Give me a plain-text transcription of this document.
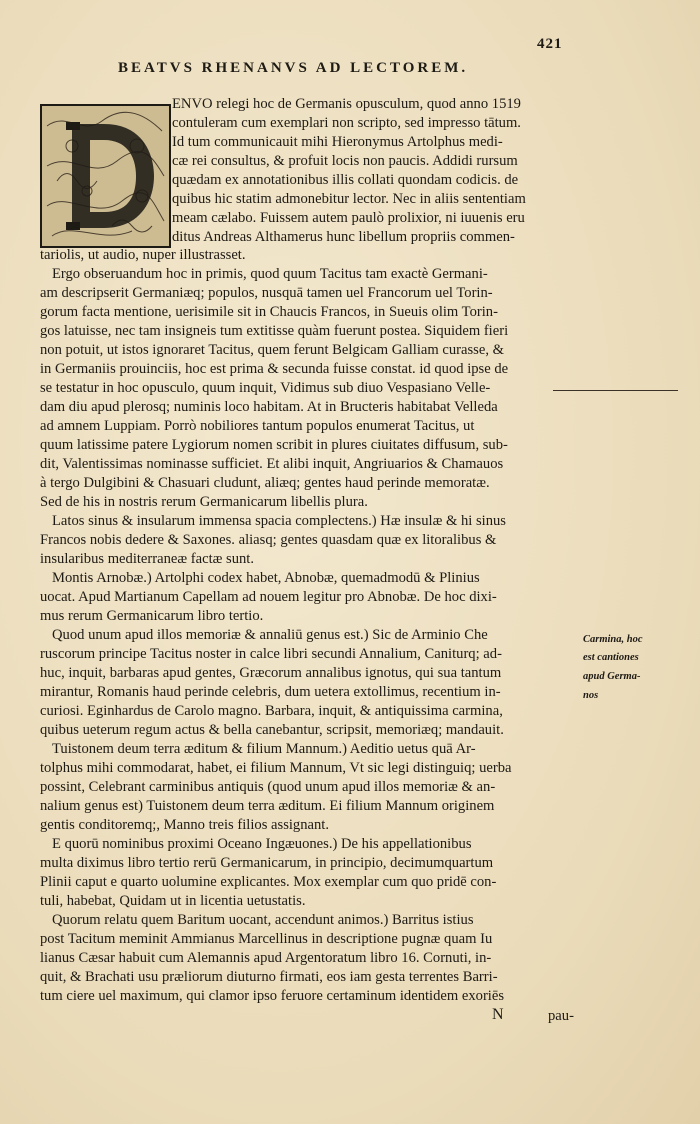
421
BEATVS RHENANVS AD LECTOREM.
ENVO relegi hoc de Germanis opusculum, quod anno 1519
contuleram cum exemplari non scripto, sed impresso tātum.
Id tum communicauit mihi Hieronymus Artolphus medi-
cæ rei consultus, & profuit locis non paucis. Addidi rursum
quædam ex annotationibus illis collati quondam codicis. de
quibus hic statim admonebitur lector. Nec in aliis sententiam
meam cælabo. Fuissem autem paulò prolixior, ni iuuenis eru
ditus Andreas Althamerus hunc libellum propriis commen-
tariolis, ut audio, nuper illustrasset.
Ergo obseruandum hoc in primis, quod quum Tacitus tam exactè Germani-
am descripserit Germaniæq; populos, nusquā tamen uel Francorum uel Torin-
gorum facta mentione, uerisimile sit in Chaucis Francos, in Sueuis olim Torin-
gos latuisse, nec tam insigneis tum extitisse quàm fuerunt postea. Siquidem fieri
non potuit, ut istos ignoraret Tacitus, quem ferunt Belgicam Galliam curasse, &
in Germaniis prouinciis, hoc est prima & secunda fuisse constat. id quod ipse de
se testatur in hoc opusculo, quum inquit, Vidimus sub diuo Vespasiano Velle-
dam diu apud plerosq; numinis loco habitam. At in Bructeris habitabat Velleda
ad amnem Luppiam. Porrò nobiliores tantum populos enumerat Tacitus, ut
quum latissime patere Lygiorum nomen scribit in plures ciuitates diffusum, sub-
dit, Valentissimas nominasse sufficiet. Et alibi inquit, Angriuarios & Chamauos
à tergo Dulgibini & Chasuari cludunt, aliæq; gentes haud perinde memoratæ.
Sed de his in nostris rerum Germanicarum libellis plura.
Latos sinus & insularum immensa spacia complectens.) Hæ insulæ & hi sinus
Francos nobis dedere & Saxones. aliasq; gentes quasdam quæ ex litoralibus &
insularibus mediterraneæ factæ sunt.
Montis Arnobæ.) Artolphi codex habet, Abnobæ, quemadmodū & Plinius
uocat. Apud Martianum Capellam ad nouem legitur pro Abnobæ. De hoc dixi-
mus rerum Germanicarum libro tertio.
Quod unum apud illos memoriæ & annaliū genus est.) Sic de Arminio Che
ruscorum principe Tacitus noster in calce libri secundi Annalium, Caniturq; ad-
huc, inquit, barbaras apud gentes, Græcorum annalibus ignotus, qui sua tantum
mirantur, Romanis haud perinde celebris, dum uetera extollimus, recentium in-
curiosi. Eginhardus de Carolo magno. Barbara, inquit, & antiquissima carmina,
quibus ueterum regum actus & bella canebantur, scripsit, memoriæq; mandauit.
Carmina, hoc
est cantiones
apud Germa-
nos
Tuistonem deum terra æditum & filium Mannum.) Aeditio uetus quā Ar-
tolphus mihi commodarat, habet, ei filium Mannum, Vt sic legi distinguiq; uerba
possint, Celebrant carminibus antiquis (quod unum apud illos memoriæ & an-
nalium genus est) Tuistonem deum terra æditum. Ei filium Mannum originem
gentis conditoremq;, Manno treis filios assignant.
E quorū nominibus proximi Oceano Ingæuones.) De his appellationibus
multa diximus libro tertio rerū Germanicarum, in principio, decimumquartum
Plinii caput e quarto uolumine explicantes. Mox exemplar cum quo pridē con-
tuli, habebat, Quidam ut in licentia uetustatis.
Quorum relatu quem Baritum uocant, accendunt animos.) Barritus istius
post Tacitum meminit Ammianus Marcellinus in descriptione pugnæ quam Iu
lianus Cæsar habuit cum Alemannis apud Argentoratum libro 16. Cornuti, in-
quit, & Brachati usu præliorum diuturno firmati, eos iam gesta terrentes Barri-
tum ciere uel maximum, qui clamor ipso feruore certaminum identidem exoriēs
N	pau-
